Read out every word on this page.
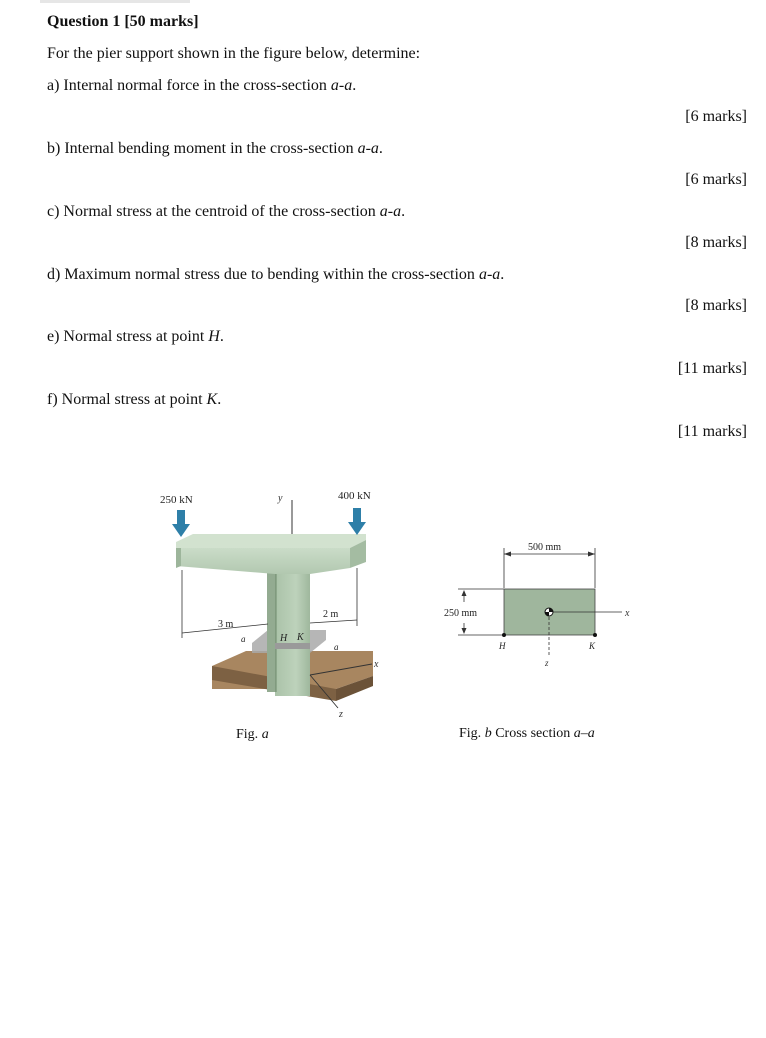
Question 1 [50 marks]
For the pier support shown in the figure below, determine:
a) Internal normal force in the cross-section a-a.
[6 marks]
b) Internal bending moment in the cross-section a-a.
[6 marks]
c) Normal stress at the centroid of the cross-section a-a.
[8 marks]
d) Maximum normal stress due to bending within the cross-section a-a.
[8 marks]
e) Normal stress at point H.
[11 marks]
f) Normal stress at point K.
[11 marks]
y
250 kN	400 kN
3 m
2 m
a
a
H K
x
z
Fig. a
500 mm
250 mm	x
z
H	K
Fig. b Cross section a–a
